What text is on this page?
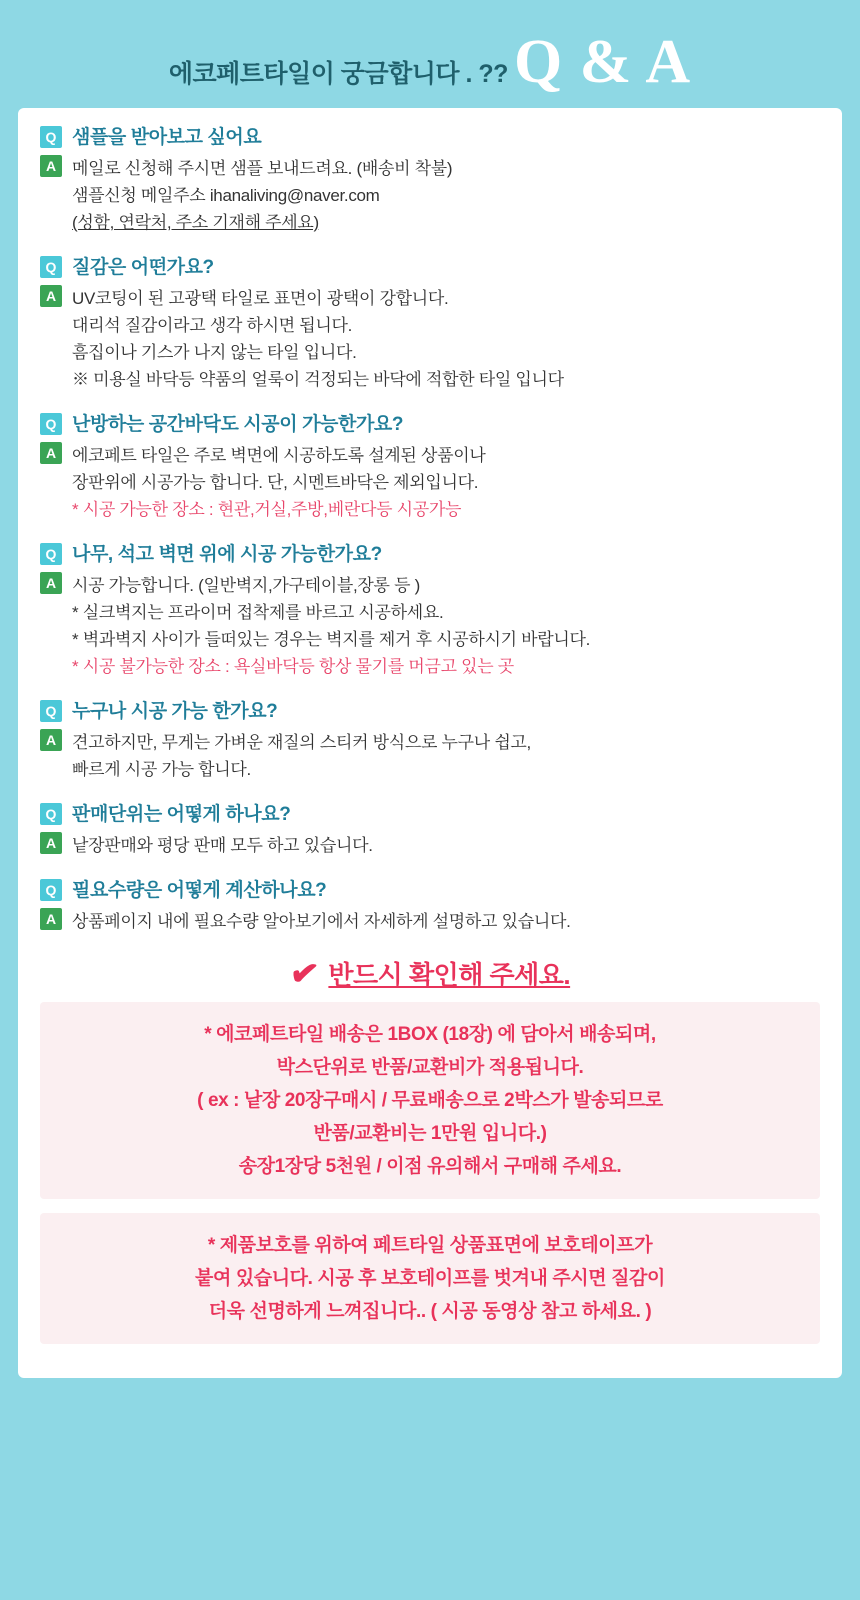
에코페트타일이 궁금합니다 . ?? Q & A
Q 샘플을 받아보고 싶어요
A 메일로 신청해 주시면 샘플 보내드려요. (배송비 착불)
샘플신청 메일주소 ihanaliving@naver.com
(성함, 연락처, 주소 기재해 주세요)
Q 질감은 어떤가요?
A UV코팅이 된 고광택 타일로 표면이 광택이 강합니다.
대리석 질감이라고 생각 하시면 됩니다.
흠집이나 기스가 나지 않는 타일 입니다.
※ 미용실 바닥등 약품의 얼룩이 걱정되는 바닥에 적합한 타일 입니다
Q 난방하는 공간바닥도 시공이 가능한가요?
A 에코페트 타일은 주로 벽면에 시공하도록 설계된 상품이나
장판위에 시공가능 합니다. 단, 시멘트바닥은 제외입니다.
* 시공 가능한 장소 : 현관,거실,주방,베란다등 시공가능
Q 나무, 석고 벽면 위에 시공 가능한가요?
A 시공 가능합니다. (일반벽지,가구테이블,장롱 등 )
* 실크벽지는 프라이머 접착제를 바르고 시공하세요.
* 벽과벽지 사이가 들떠있는 경우는 벽지를 제거 후 시공하시기 바랍니다.
* 시공 불가능한 장소 : 욕실바닥등 항상 물기를 머금고 있는 곳
Q 누구나 시공 가능 한가요?
A 견고하지만, 무게는 가벼운 재질의 스티커 방식으로 누구나 쉽고,
빠르게 시공 가능 합니다.
Q 판매단위는 어떻게 하나요?
A 낱장판매와 평당 판매 모두 하고 있습니다.
Q 필요수량은 어떻게 계산하나요?
A 상품페이지 내에 필요수량 알아보기에서 자세하게 설명하고 있습니다.
✔ 반드시 확인해 주세요.
* 에코페트타일 배송은 1BOX (18장) 에 담아서 배송되며,
박스단위로 반품/교환비가 적용됩니다.
( ex : 낱장 20장구매시 / 무료배송으로 2박스가 발송되므로
반품/교환비는 1만원 입니다.)
송장1장당 5천원 / 이점 유의해서 구매해 주세요.
* 제품보호를 위하여 페트타일 상품표면에 보호테이프가
붙여 있습니다. 시공 후 보호테이프를 벗겨내 주시면 질감이
더욱 선명하게 느껴집니다.. ( 시공 동영상 참고 하세요. )
